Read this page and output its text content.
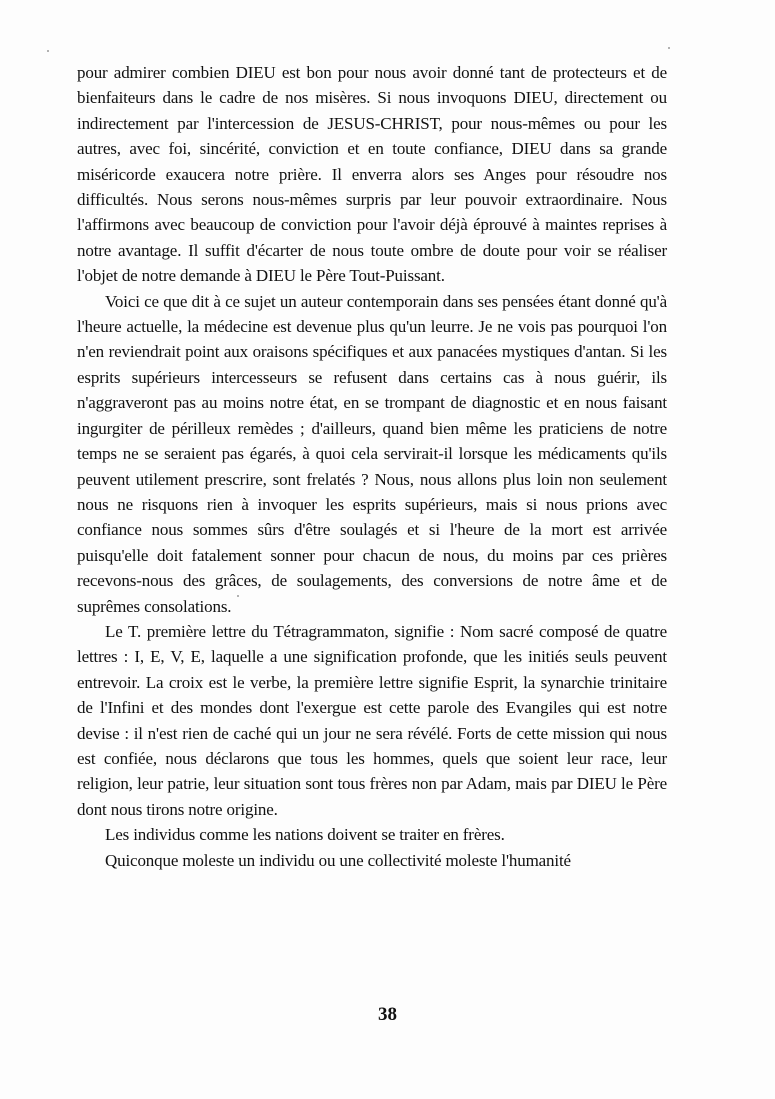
pour admirer combien DIEU est bon pour nous avoir donné tant de protecteurs et de bienfaiteurs dans le cadre de nos misères. Si nous invoquons DIEU, directement ou indirectement par l'intercession de JESUS-CHRIST, pour nous-mêmes ou pour les autres, avec foi, sincérité, conviction et en toute confiance, DIEU dans sa grande miséricorde exaucera notre prière. Il enverra alors ses Anges pour résoudre nos difficultés. Nous serons nous-mêmes surpris par leur pouvoir extraordinaire. Nous l'affirmons avec beaucoup de conviction pour l'avoir déjà éprouvé à maintes reprises à notre avantage. Il suffit d'écarter de nous toute ombre de doute pour voir se réaliser l'objet de notre demande à DIEU le Père Tout-Puissant.

Voici ce que dit à ce sujet un auteur contemporain dans ses pensées étant donné qu'à l'heure actuelle, la médecine est devenue plus qu'un leurre. Je ne vois pas pourquoi l'on n'en reviendrait point aux oraisons spécifiques et aux panacées mystiques d'antan. Si les esprits supérieurs intercesseurs se refusent dans certains cas à nous guérir, ils n'aggraveront pas au moins notre état, en se trompant de diagnostic et en nous faisant ingurgiter de périlleux remèdes ; d'ailleurs, quand bien même les praticiens de notre temps ne se seraient pas égarés, à quoi cela servirait-il lorsque les médicaments qu'ils peuvent utilement prescrire, sont frelatés ? Nous, nous allons plus loin non seulement nous ne risquons rien à invoquer les esprits supérieurs, mais si nous prions avec confiance nous sommes sûrs d'être soulagés et si l'heure de la mort est arrivée puisqu'elle doit fatalement sonner pour chacun de nous, du moins par ces prières recevons-nous des grâces, de soulagements, des conversions de notre âme et de suprêmes consolations.

Le T. première lettre du Tétragrammaton, signifie : Nom sacré composé de quatre lettres : I, E, V, E, laquelle a une signification profonde, que les initiés seuls peuvent entrevoir. La croix est le verbe, la première lettre signifie Esprit, la synarchie trinitaire de l'Infini et des mondes dont l'exergue est cette parole des Evangiles qui est notre devise : il n'est rien de caché qui un jour ne sera révélé. Forts de cette mission qui nous est confiée, nous déclarons que tous les hommes, quels que soient leur race, leur religion, leur patrie, leur situation sont tous frères non par Adam, mais par DIEU le Père dont nous tirons notre origine.

Les individus comme les nations doivent se traiter en frères.

Quiconque moleste un individu ou une collectivité moleste l'humanité

38
